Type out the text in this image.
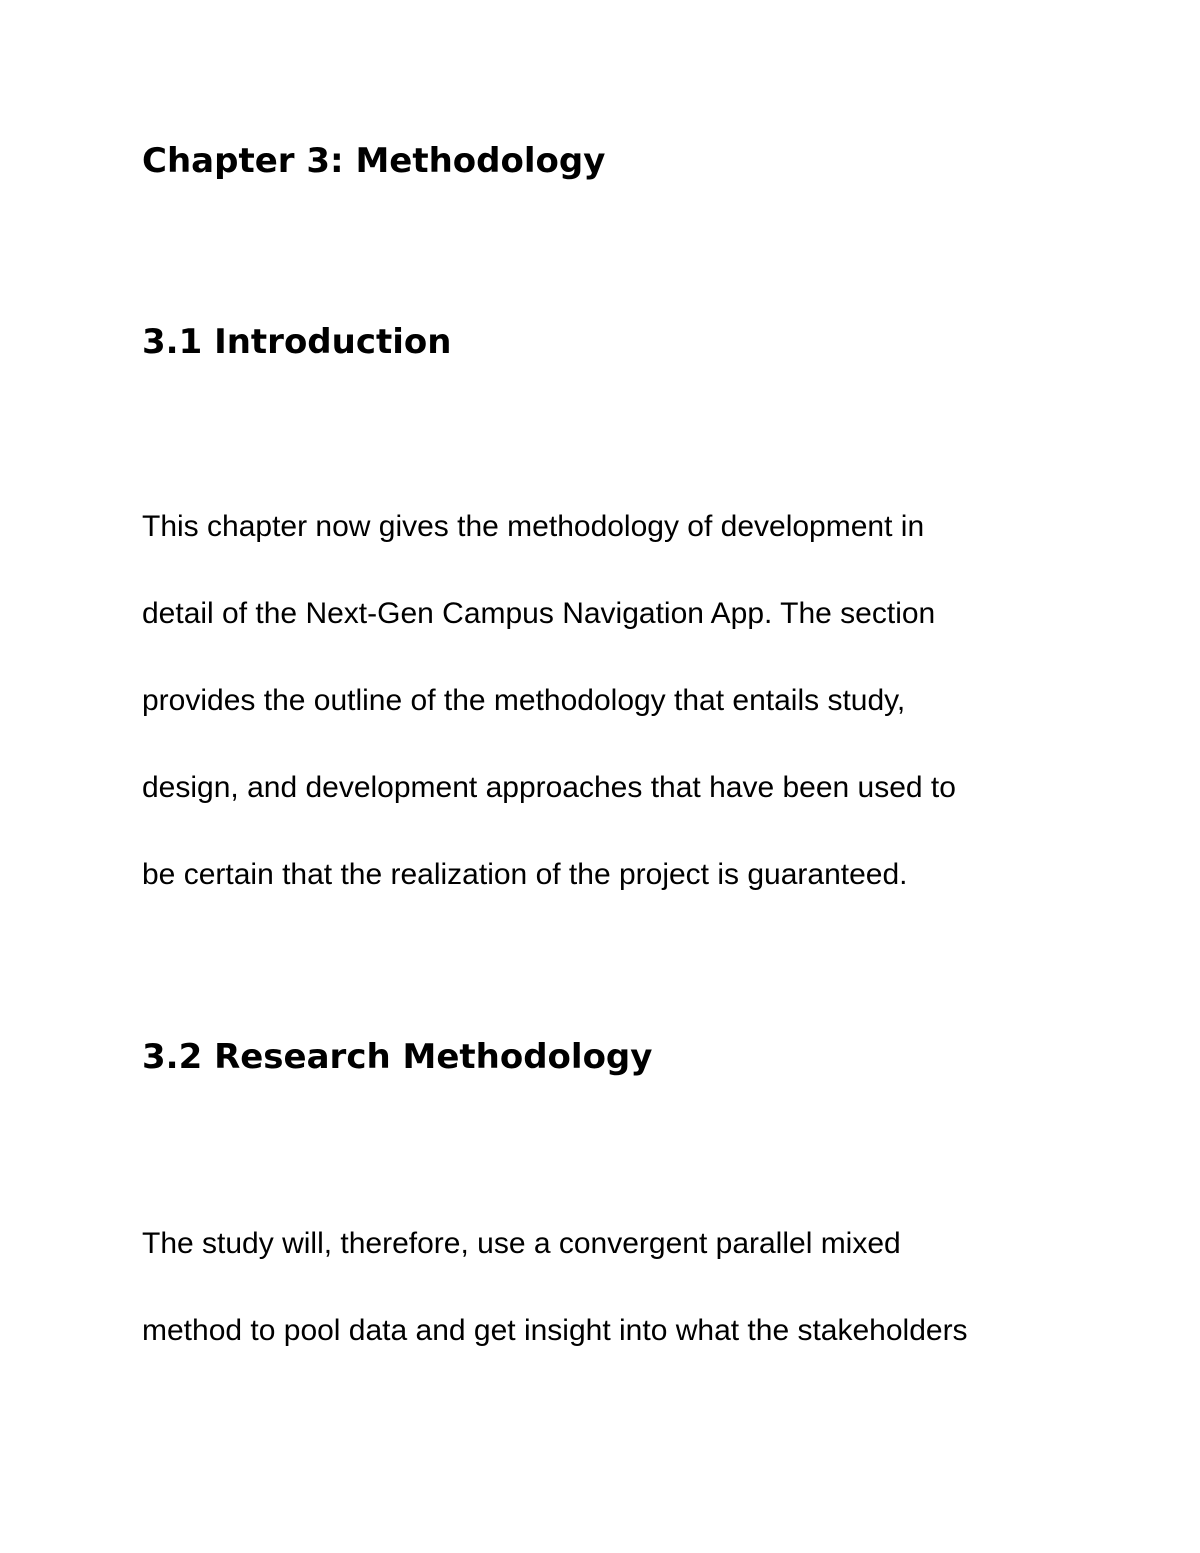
Chapter 3: Methodology
3.1 Introduction
This chapter now gives the methodology of development in
detail of the Next-Gen Campus Navigation App. The section
provides the outline of the methodology that entails study,
design, and development approaches that have been used to
be certain that the realization of the project is guaranteed.
3.2 Research Methodology
The study will, therefore, use a convergent parallel mixed
method to pool data and get insight into what the stakeholders
